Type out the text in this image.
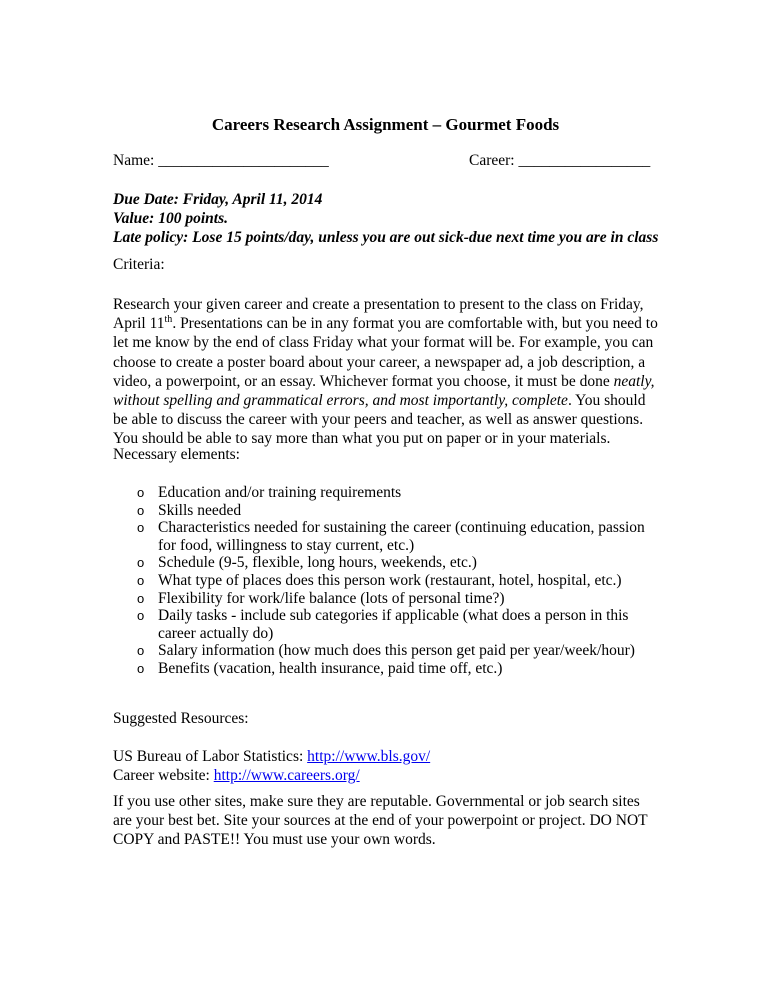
Careers Research Assignment – Gourmet Foods
Name: ______________________	Career: _________________
Due Date: Friday, April 11, 2014
Value: 100 points.
Late policy: Lose 15 points/day, unless you are out sick-due next time you are in class
Criteria:

Research your given career and create a presentation to present to the class on Friday, April 11th. Presentations can be in any format you are comfortable with, but you need to let me know by the end of class Friday what your format will be. For example, you can choose to create a poster board about your career, a newspaper ad, a job description, a video, a powerpoint, or an essay. Whichever format you choose, it must be done neatly, without spelling and grammatical errors, and most importantly, complete. You should be able to discuss the career with your peers and teacher, as well as answer questions. You should be able to say more than what you put on paper or in your materials.

Necessary elements:
o Education and/or training requirements
o Skills needed
o Characteristics needed for sustaining the career (continuing education, passion for food, willingness to stay current, etc.)
o Schedule (9-5, flexible, long hours, weekends, etc.)
o What type of places does this person work (restaurant, hotel, hospital, etc.)
o Flexibility for work/life balance (lots of personal time?)
o Daily tasks - include sub categories if applicable (what does a person in this career actually do)
o Salary information (how much does this person get paid per year/week/hour)
o Benefits (vacation, health insurance, paid time off, etc.)
Suggested Resources:
US Bureau of Labor Statistics: http://www.bls.gov/
Career website: http://www.careers.org/

If you use other sites, make sure they are reputable. Governmental or job search sites are your best bet. Site your sources at the end of your powerpoint or project. DO NOT COPY and PASTE!! You must use your own words.
